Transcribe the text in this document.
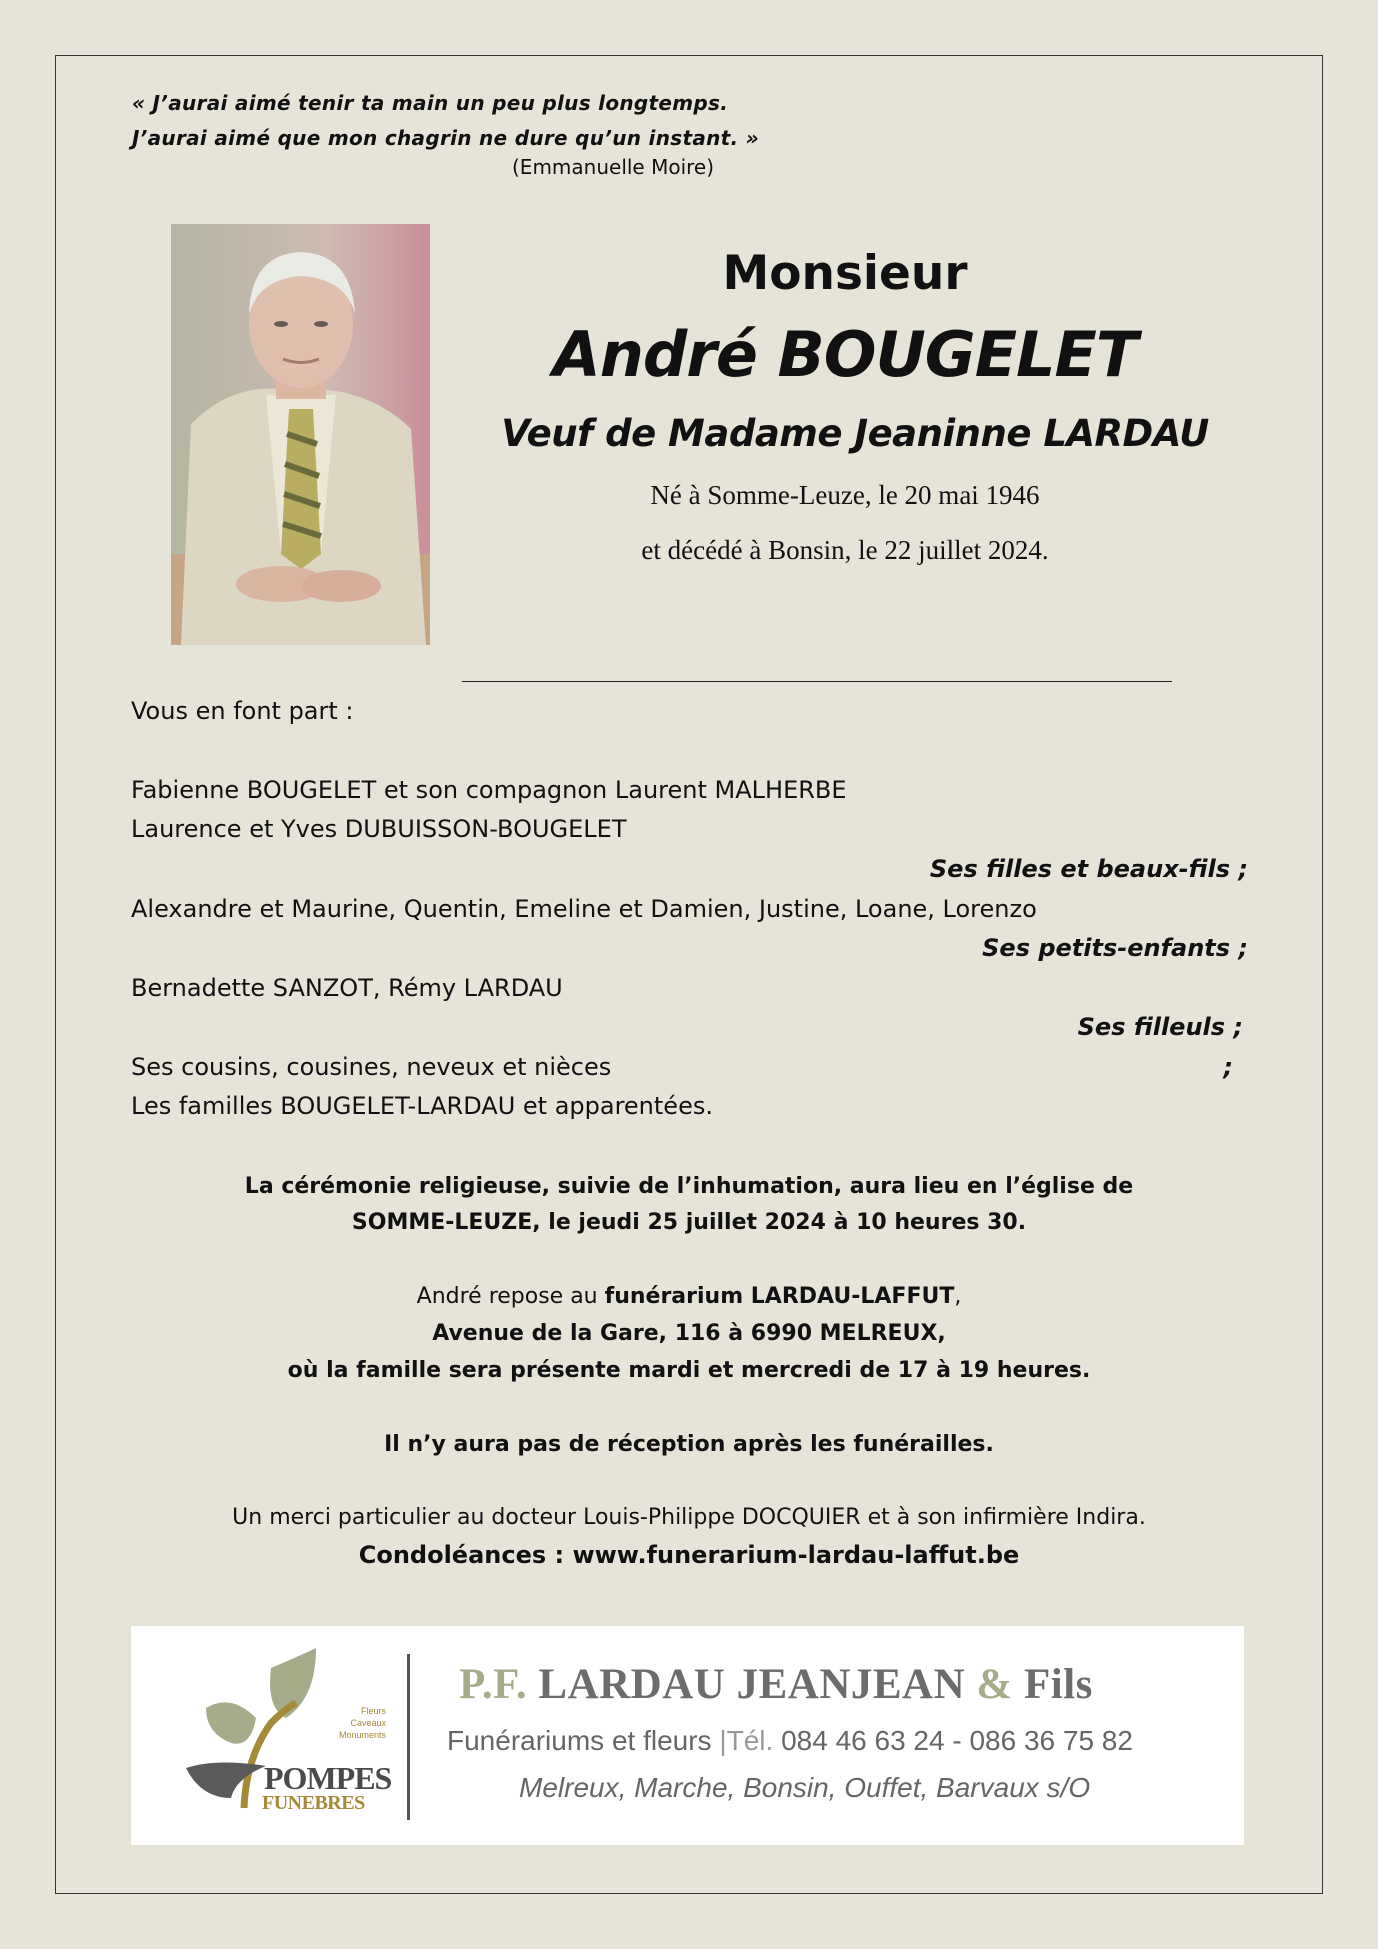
« J’aurai aimé tenir ta main un peu plus longtemps.
J’aurai aimé que mon chagrin ne dure qu’un instant. »
(Emmanuelle Moire)
Monsieur
André BOUGELET
Veuf de Madame Jeaninne LARDAU
Né à Somme-Leuze, le 20 mai 1946
et décédé à Bonsin, le 22 juillet 2024.
Vous en font part :
Fabienne BOUGELET et son compagnon Laurent MALHERBE
Laurence et Yves DUBUISSON-BOUGELET
Ses filles et beaux-fils ;
Alexandre et Maurine, Quentin, Emeline et Damien, Justine, Loane, Lorenzo
Ses petits-enfants ;
Bernadette SANZOT, Rémy LARDAU
Ses filleuls ;
Ses cousins, cousines, neveux et nièces	;
Les familles BOUGELET-LARDAU et apparentées.
La cérémonie religieuse, suivie de l’inhumation, aura lieu en l’église de
SOMME-LEUZE, le jeudi 25 juillet 2024 à 10 heures 30.
André repose au funérarium LARDAU-LAFFUT,
Avenue de la Gare, 116 à 6990 MELREUX,
où la famille sera présente mardi et mercredi de 17 à 19 heures.
Il n’y aura pas de réception après les funérailles.
Un merci particulier au docteur Louis-Philippe DOCQUIER et à son infirmière Indira.
Condoléances : www.funerarium-lardau-laffut.be
Fleurs
Caveaux
Monuments
POMPES
FUNEBRES
P.F. LARDAU JEANJEAN & Fils
Funérariums et fleurs |Tél. 084 46 63 24 - 086 36 75 82
Melreux, Marche, Bonsin, Ouffet, Barvaux s/O
